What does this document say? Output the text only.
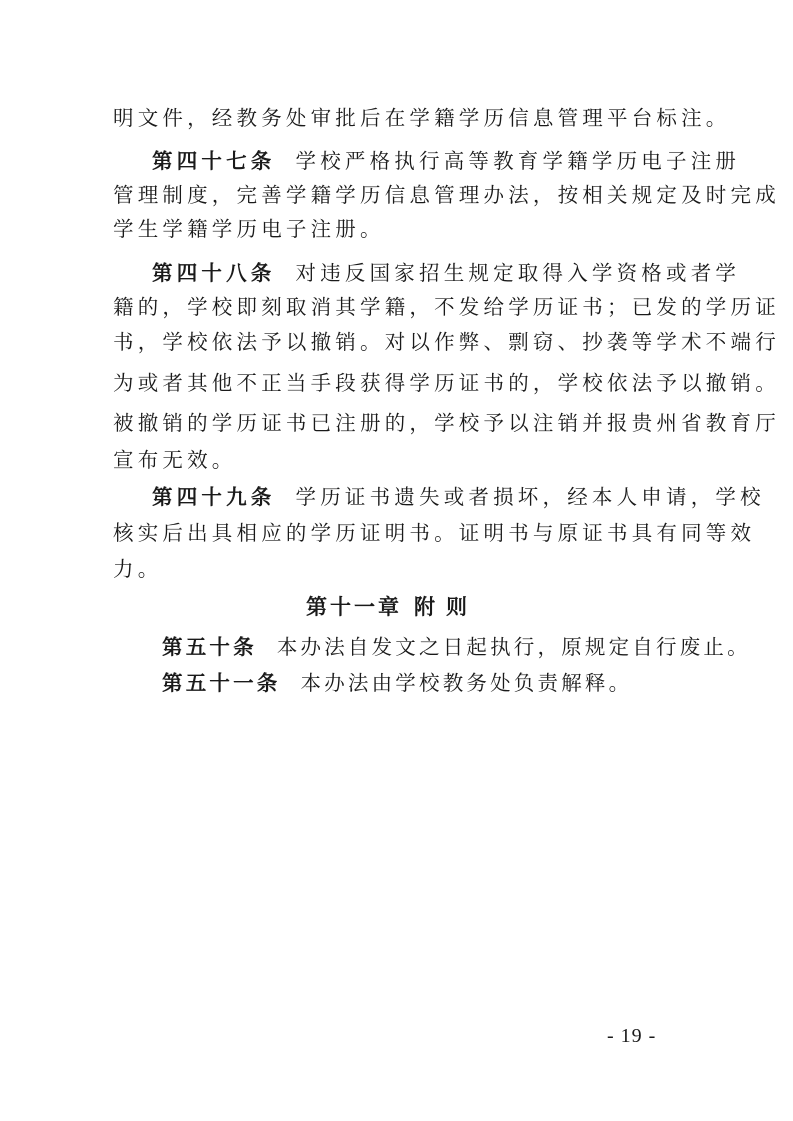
明文件，经教务处审批后在学籍学历信息管理平台标注。
第四十七条 学校严格执行高等教育学籍学历电子注册
管理制度，完善学籍学历信息管理办法，按相关规定及时完成
学生学籍学历电子注册。
第四十八条 对违反国家招生规定取得入学资格或者学
籍的，学校即刻取消其学籍，不发给学历证书；已发的学历证
书，学校依法予以撤销。对以作弊、剽窃、抄袭等学术不端行
为或者其他不正当手段获得学历证书的，学校依法予以撤销。
被撤销的学历证书已注册的，学校予以注销并报贵州省教育厅
宣布无效。
第四十九条 学历证书遗失或者损坏，经本人申请，学校
核实后出具相应的学历证明书。证明书与原证书具有同等效
力。
第十一章 附 则
第五十条 本办法自发文之日起执行，原规定自行废止。
第五十一条 本办法由学校教务处负责解释。
- 19 -
